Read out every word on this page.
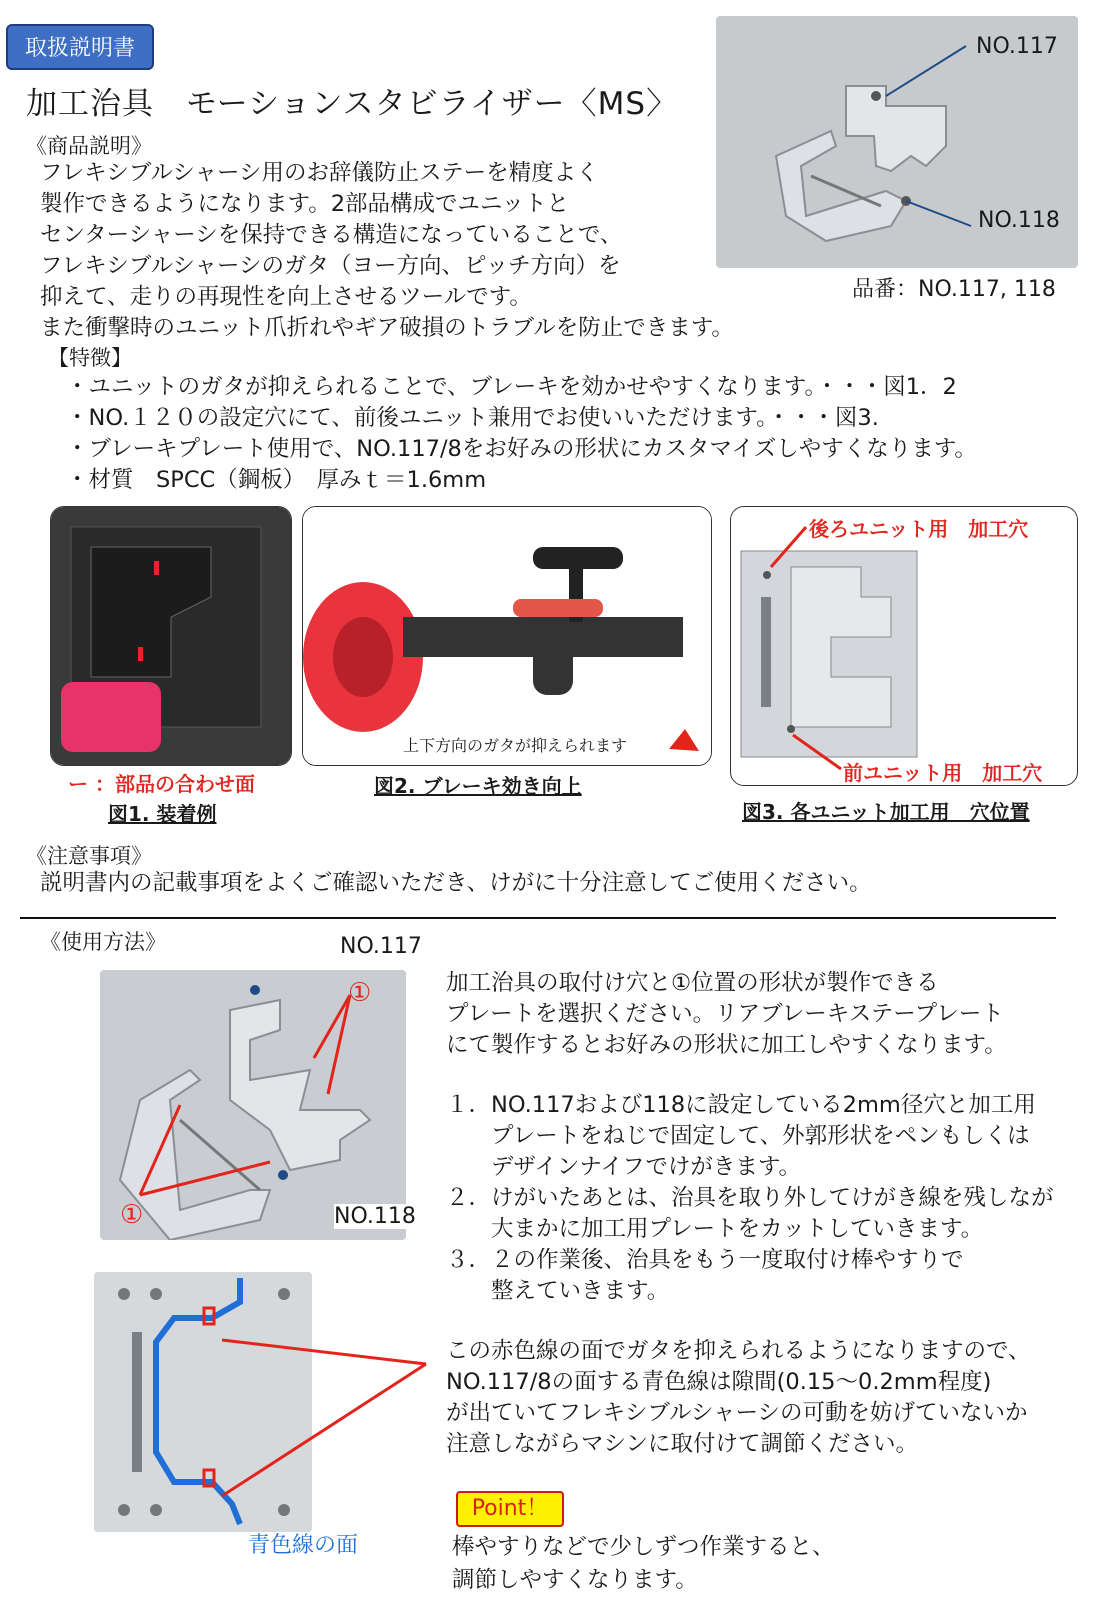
取扱説明書
加工治具　モーションスタビライザー〈MS〉
《商品説明》
フレキシブルシャーシ用のお辞儀防止ステーを精度よく
製作できるようになります。2部品構成でユニットと
センターシャーシを保持できる構造になっていることで、
フレキシブルシャーシのガタ（ヨー方向、ピッチ方向）を
抑えて、走りの再現性を向上させるツールです。
また衝撃時のユニット爪折れやギア破損のトラブルを防止できます。
NO.117
NO.118
品番：NO.117, 118
【特徴】
・ユニットのガタが抑えられることで、ブレーキを効かせやすくなります。・・・図1．2
・NO.１２０の設定穴にて、前後ユニット兼用でお使いいただけます。・・・図3.
・ブレーキプレート使用で、NO.117/8をお好みの形状にカスタマイズしやすくなります。
・材質　SPCC（鋼板）　厚みｔ＝1.6mm
ー ：部品の合わせ面
図1. 装着例
上下方向のガタが抑えられます
図2. ブレーキ効き向上
後ろユニット用　加工穴
前ユニット用　加工穴
図3. 各ユニット加工用　穴位置
《注意事項》
説明書内の記載事項をよくご確認いただき、けがに十分注意してご使用ください。
《使用方法》
①
①
NO.117
NO.118
加工治具の取付け穴と①位置の形状が製作できる
プレートを選択ください。リアブレーキステープレート
にて製作するとお好みの形状に加工しやすくなります。
１．NO.117および118に設定している2mm径穴と加工用
　　プレートをねじで固定して、外郭形状をペンもしくは
　　デザインナイフでけがきます。
２．けがいたあとは、治具を取り外してけがき線を残しなが
　　大まかに加工用プレートをカットしていきます。
３．２の作業後、治具をもう一度取付け棒やすりで
　　整えていきます。
青色線の面
この赤色線の面でガタを抑えられるようになりますので、
NO.117/8の面する青色線は隙間(0.15～0.2mm程度)
が出ていてフレキシブルシャーシの可動を妨げていないか
注意しながらマシンに取付けて調節ください。
Point！
棒やすりなどで少しずつ作業すると、
調節しやすくなります。
